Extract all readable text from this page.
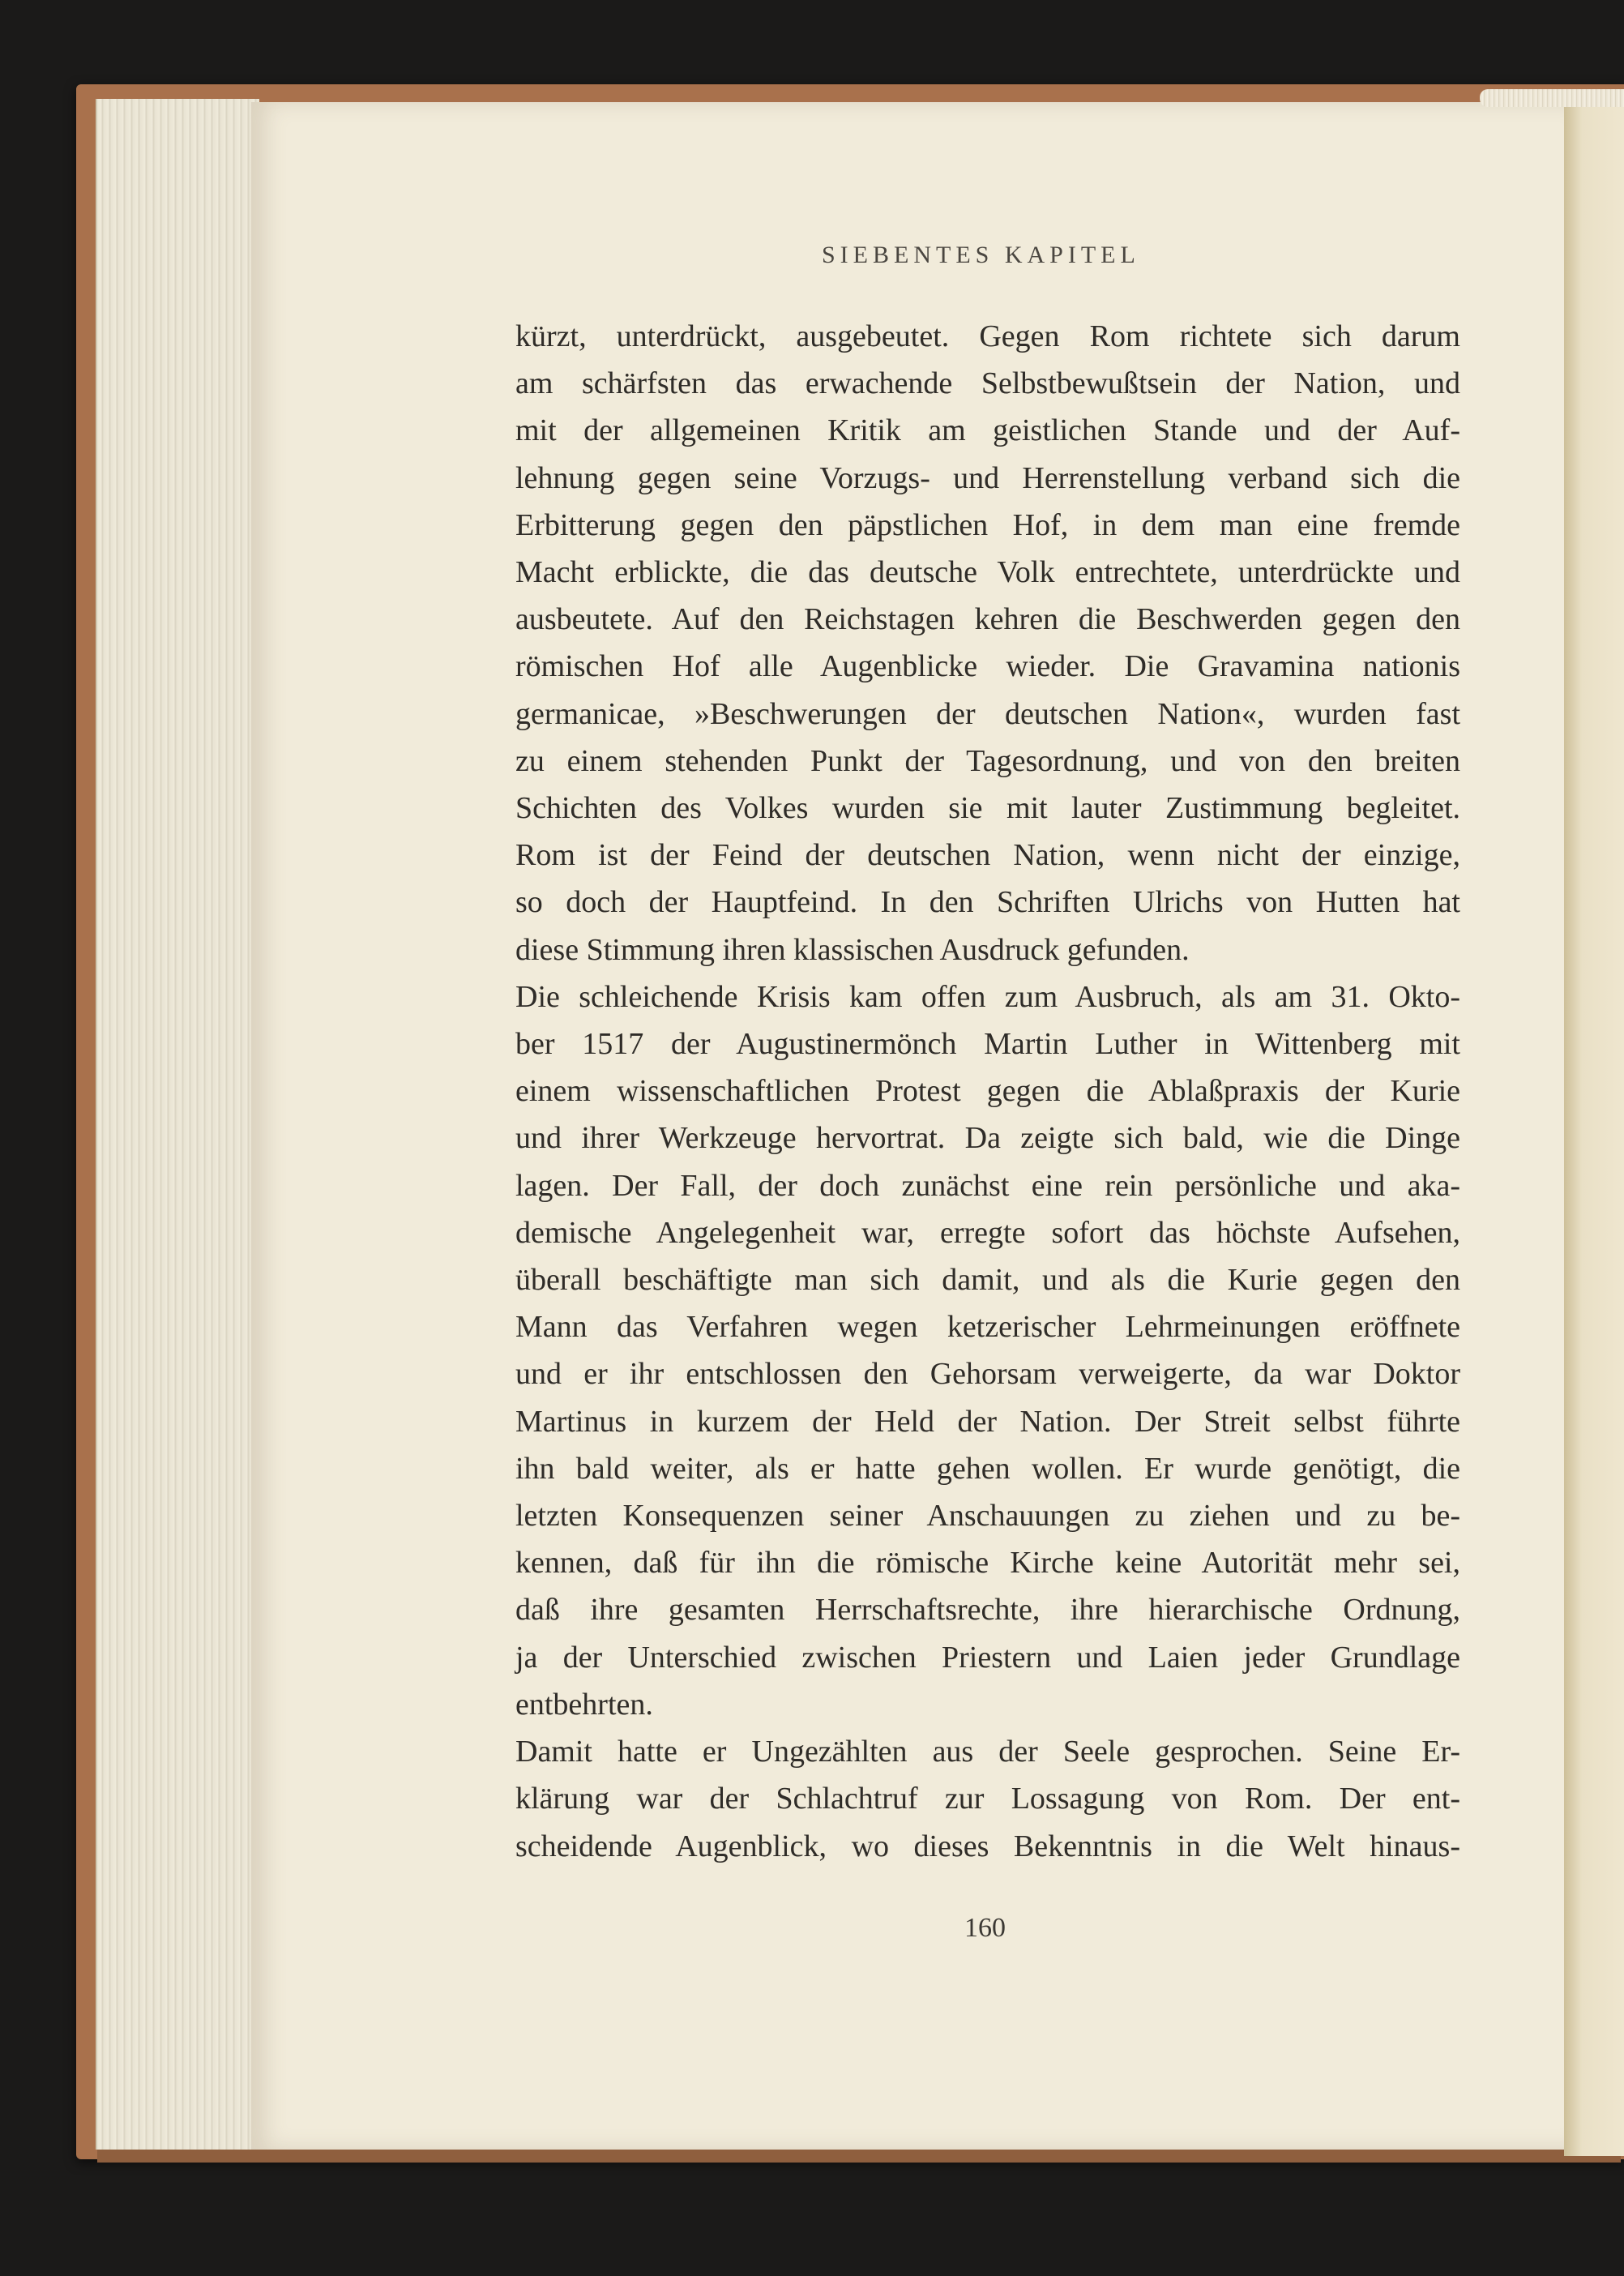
SIEBENTES KAPITEL

kürzt, unterdrückt, ausgebeutet. Gegen Rom richtete sich darum
am schärfsten das erwachende Selbstbewußtsein der Nation, und
mit der allgemeinen Kritik am geistlichen Stande und der Auf-
lehnung gegen seine Vorzugs- und Herrenstellung verband sich die
Erbitterung gegen den päpstlichen Hof, in dem man eine fremde
Macht erblickte, die das deutsche Volk entrechtete, unterdrückte und
ausbeutete. Auf den Reichstagen kehren die Beschwerden gegen den
römischen Hof alle Augenblicke wieder. Die Gravamina nationis
germanicae, »Beschwerungen der deutschen Nation«, wurden fast
zu einem stehenden Punkt der Tagesordnung, und von den breiten
Schichten des Volkes wurden sie mit lauter Zustimmung begleitet.
Rom ist der Feind der deutschen Nation, wenn nicht der einzige,
so doch der Hauptfeind. In den Schriften Ulrichs von Hutten hat
diese Stimmung ihren klassischen Ausdruck gefunden.

Die schleichende Krisis kam offen zum Ausbruch, als am 31. Okto-
ber 1517 der Augustinermönch Martin Luther in Wittenberg mit
einem wissenschaftlichen Protest gegen die Ablaßpraxis der Kurie
und ihrer Werkzeuge hervortrat. Da zeigte sich bald, wie die Dinge
lagen. Der Fall, der doch zunächst eine rein persönliche und aka-
demische Angelegenheit war, erregte sofort das höchste Aufsehen,
überall beschäftigte man sich damit, und als die Kurie gegen den
Mann das Verfahren wegen ketzerischer Lehrmeinungen eröffnete
und er ihr entschlossen den Gehorsam verweigerte, da war Doktor
Martinus in kurzem der Held der Nation. Der Streit selbst führte
ihn bald weiter, als er hatte gehen wollen. Er wurde genötigt, die
letzten Konsequenzen seiner Anschauungen zu ziehen und zu be-
kennen, daß für ihn die römische Kirche keine Autorität mehr sei,
daß ihre gesamten Herrschaftsrechte, ihre hierarchische Ordnung,
ja der Unterschied zwischen Priestern und Laien jeder Grundlage
entbehrten.

Damit hatte er Ungezählten aus der Seele gesprochen. Seine Er-
klärung war der Schlachtruf zur Lossagung von Rom. Der ent-
scheidende Augenblick, wo dieses Bekenntnis in die Welt hinaus-

160
